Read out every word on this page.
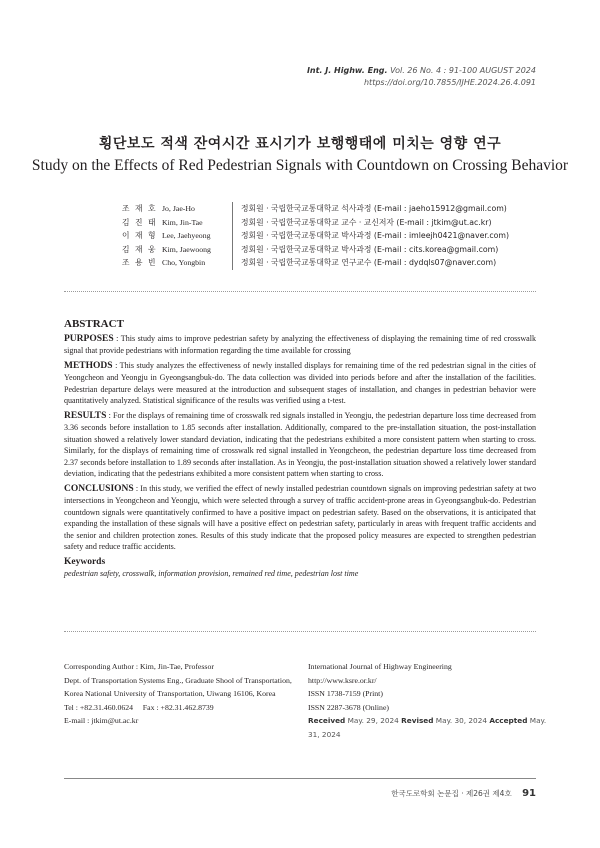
Int. J. Highw. Eng. Vol. 26 No. 4 : 91-100 AUGUST 2024
https://doi.org/10.7855/IJHE.2024.26.4.091
횡단보도 적색 잔여시간 표시기가 보행행태에 미치는 영향 연구
Study on the Effects of Red Pedestrian Signals with Countdown on Crossing Behavior
조 재 호 Jo, Jae-Ho	정회원 · 국립한국교통대학교 석사과정 (E-mail : jaeho15912@gmail.com)
김 진 태 Kim, Jin-Tae	정회원 · 국립한국교통대학교 교수 · 교신저자 (E-mail : jtkim@ut.ac.kr)
이 재 형 Lee, Jaehyeong	정회원 · 국립한국교통대학교 박사과정 (E-mail : imleejh0421@naver.com)
김 재 웅 Kim, Jaewoong	정회원 · 국립한국교통대학교 박사과정 (E-mail : cits.korea@gmail.com)
조 용 빈 Cho, Yongbin	정회원 · 국립한국교통대학교 연구교수 (E-mail : dydqls07@naver.com)
ABSTRACT

PURPOSES : This study aims to improve pedestrian safety by analyzing the effectiveness of displaying the remaining time of red crosswalk signal that provide pedestrians with information regarding the time available for crossing

METHODS : This study analyzes the effectiveness of newly installed displays for remaining time of the red pedestrian signal in the cities of Yeongcheon and Yeongju in Gyeongsangbuk-do. The data collection was divided into periods before and after the installation of the facilities. Pedestrian departure delays were measured at the introduction and subsequent stages of installation, and changes in pedestrian behavior were quantitatively analyzed. Statistical significance of the results was verified using a t-test.

RESULTS : For the displays of remaining time of crosswalk red signals installed in Yeongju, the pedestrian departure loss time decreased from 3.36 seconds before installation to 1.85 seconds after installation. Additionally, compared to the pre-installation situation, the post-installation situation showed a relatively lower standard deviation, indicating that the pedestrians exhibited a more consistent pattern when starting to cross. Similarly, for the displays of remaining time of crosswalk red signal installed in Yeongcheon, the pedestrian departure loss time decreased from 2.37 seconds before installation to 1.89 seconds after installation. As in Yeongju, the post-installation situation showed a relatively lower standard deviation, indicating that the pedestrians exhibited a more consistent pattern when starting to cross.

CONCLUSIONS : In this study, we verified the effect of newly installed pedestrian countdown signals on improving pedestrian safety at two intersections in Yeongcheon and Yeongju, which were selected through a survey of traffic accident-prone areas in Gyeongsangbuk-do. Pedestrian countdown signals were quantitatively confirmed to have a positive impact on pedestrian safety. Based on the observations, it is anticipated that expanding the installation of these signals will have a positive effect on pedestrian safety, particularly in areas with frequent traffic accidents and the senior and children protection zones. Results of this study indicate that the proposed policy measures are expected to strengthen pedestrian safety and reduce traffic accidents.

Keywords
pedestrian safety, crosswalk, information provision, remained red time, pedestrian lost time
Corresponding Author : Kim, Jin-Tae, Professor
Dept. of Transportation Systems Eng., Graduate Shool of Transportation,
Korea National University of Transportation, Uiwang 16106, Korea
Tel : +82.31.460.0624     Fax : +82.31.462.8739
E-mail : jtkim@ut.ac.kr
International Journal of Highway Engineering
http://www.ksre.or.kr/
ISSN 1738-7159 (Print)
ISSN 2287-3678 (Online)
Received May. 29, 2024 Revised May. 30, 2024 Accepted May. 31, 2024
한국도로학회 논문집 · 제26권 제4호 91
